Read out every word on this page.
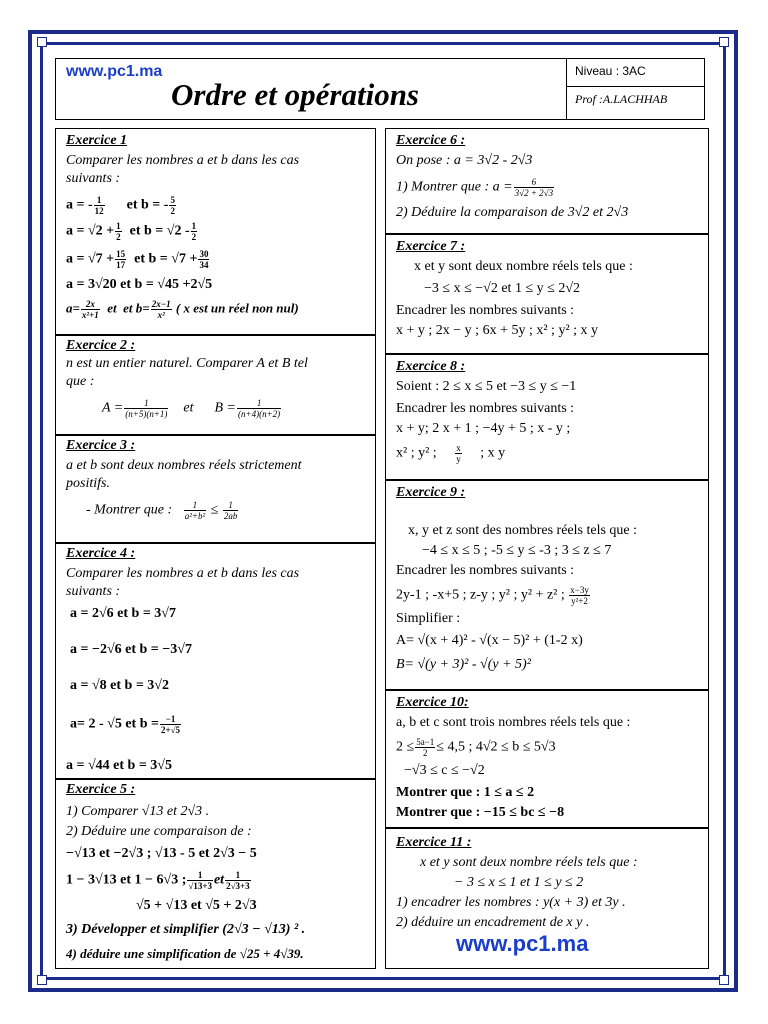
www.pc1.ma
Ordre et opérations
Niveau : 3AC
Prof :A.LACHHAB
Exercice 1
Comparer les nombres a et b dans les cas
suivants :
a = - $\frac{1}{12}$ et b = - $\frac{5}{2}$
$a = √2 + \frac{1}{2}$ et $b = √2 - \frac{1}{2}$
$a = √7 + \frac{15}{17}$ et $b = √7 + \frac{30}{34}$
a = 3√20 et b = √45 +2√5
$a= \frac{2x}{\text{x²+1}}$ et  et $b= \frac{2x-1}{\text{x²}}$ ( x est un réel non nul)
Exercice 2 :
n est un entier naturel. Comparer A et B tel
que :
$A = \frac{1}{(n+5)(n+1)}$ et $B = \frac{1}{(n+4)(n+2)}$
Exercice 3 :
a et b sont deux nombres réels strictement
positifs.
- Montrer que : $\frac{1}{\text{a²+b²}} \le \frac{1}{2ab}$
Exercice 4 :
Comparer les nombres a et b dans les cas
suivants :
a = 2√6 et b = 3√7
a = −2√6 et b = −3√7
a = √8 et b = 3√2
a= 2 - √5 et $b = \frac{-1}{2+√5}$
a = √44 et b = 3√5
Exercice 5 :
1) Comparer √13 et 2√3 .
2) Déduire une comparaison de :
−√13 et −2√3 ; √13 - 5 et 2√3 − 5
1 − 3√13 et 1 − 6√3 ; $\frac{1}{√13+3}$ et $\frac{1}{2√3+3}$
√5 + √13 et √5 + 2√3
3) Développer et simplifier (2√3 − √13) ² .
4) déduire une simplification de √25 + 4√39.
Exercice 6 :
On pose : a = 3√2 - 2√3
1) Montrer que : $a = \frac{6}{3√2 + 2√3}$
2) Déduire la comparaison de 3√2 et 2√3
Exercice 7 :
x et y sont deux nombre réels tels que :
−3 ≤ x ≤ −√2 et 1 ≤ y ≤ 2√2
Encadrer les nombres suivants :
x + y ; 2x − y ; 6x + 5y ; x² ; y² ; x y
Exercice 8 :
Soient : 2 ≤ x ≤ 5 et −3 ≤ y ≤ −1
Encadrer les nombres suivants :
x + y; 2 x + 1 ; −4y + 5 ; x - y ;
x² ; y² ; $\frac{x}{y}$ ; x y
Exercice 9 :
x, y et z sont des nombres réels tels que :
−4 ≤ x ≤ 5 ; -5 ≤ y ≤ -3 ; 3 ≤ z ≤ 7
Encadrer les nombres suivants :
2y-1 ; -x+5 ; z-y ; y² ; y² + z² ; $\frac{x-3y}{\text{y²+2}}$
Simplifier :
A= √(x + 4)² - √(x − 5)² + (1-2 x)
B= √(y + 3)² - √(y + 5)²
Exercice 10:
a, b et c sont trois nombres réels tels que :
$2 \le \frac{5a-1}{2} \le 4,5$ ; 4√2 ≤ b ≤ 5√3
−√3 ≤ c ≤ −√2
Montrer que : 1 ≤ a ≤ 2
Montrer que : −15 ≤ bc ≤ −8
Exercice 11 :
x et y sont deux nombre réels tels que :
− 3 ≤ x ≤ 1 et 1 ≤ y ≤ 2
1) encadrer les nombres : y(x + 3) et 3y .
2) déduire un encadrement de x y .
www.pc1.ma
